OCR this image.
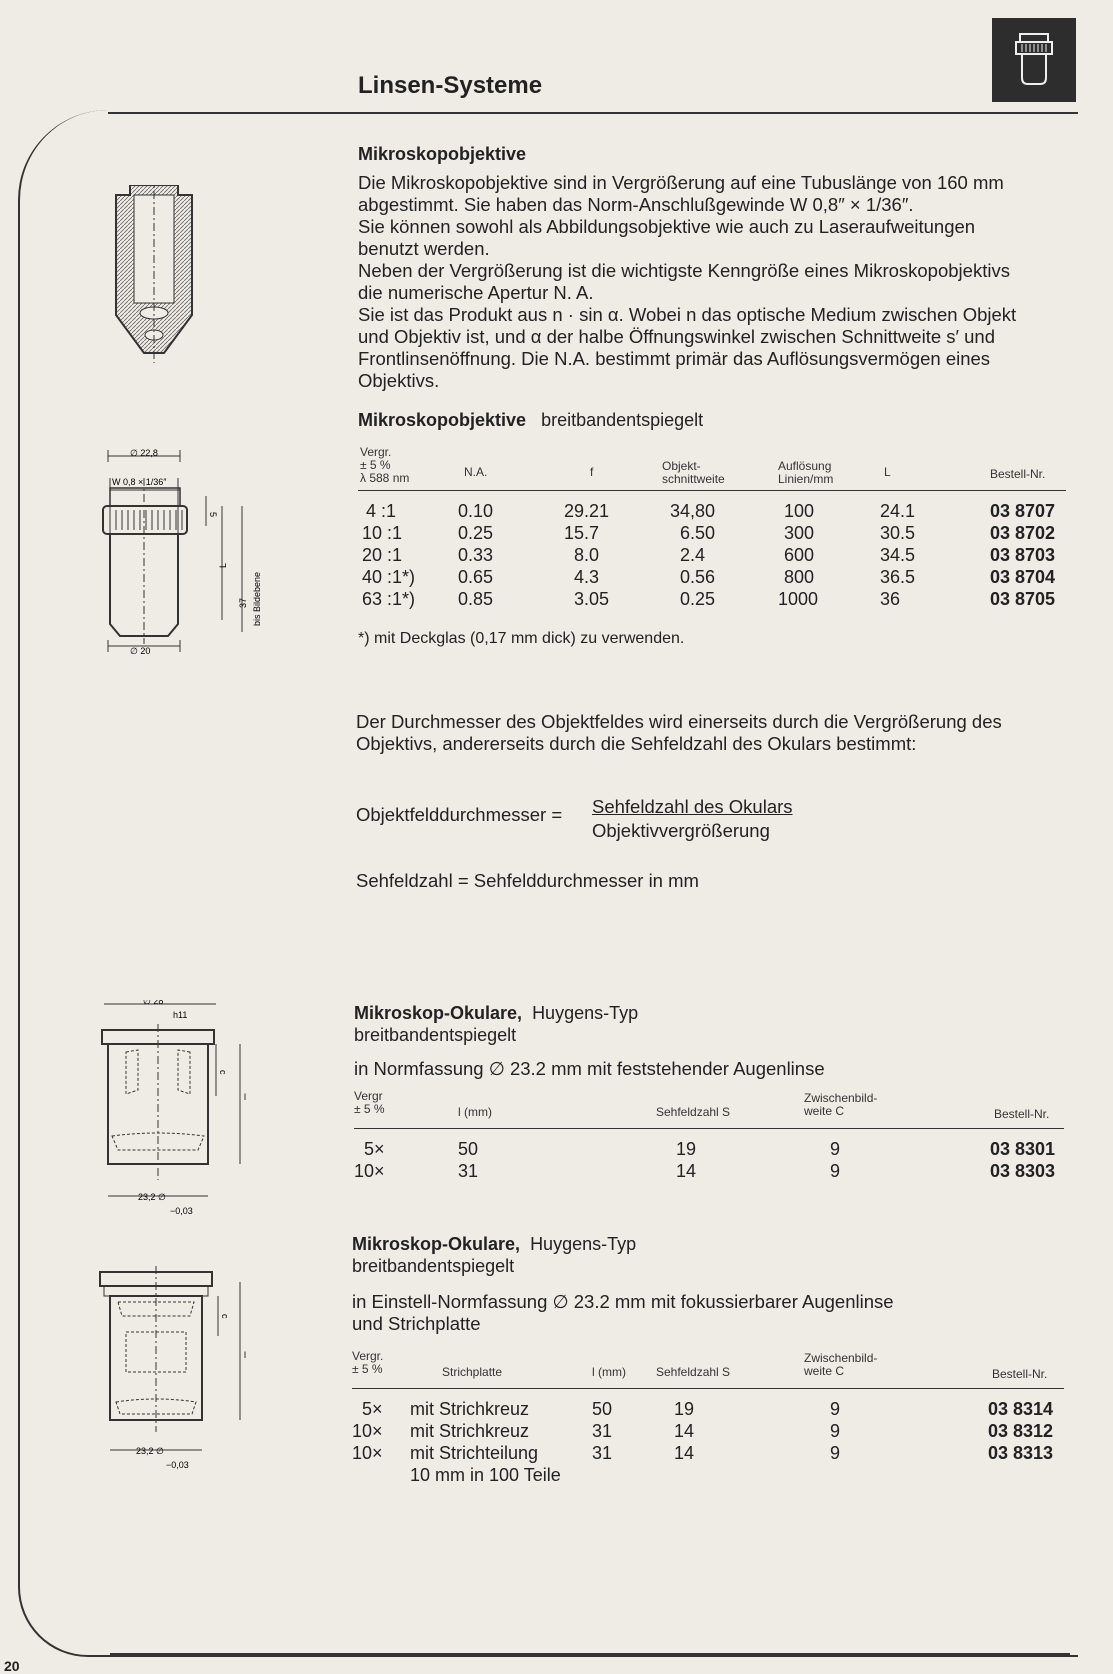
Linsen-Systeme
∅ 22,8
W 0,8 × 1/36″
∅ 20
5
L
37 bis Bildebene
∅ 28
h11
c
l
23,2 ∅
−0,03
c
l
23,2 ∅
−0,03
Mikroskopobjektive
Die Mikroskopobjektive sind in Vergrößerung auf eine Tubuslänge von 160 mm
abgestimmt. Sie haben das Norm-Anschlußgewinde W 0,8″ × 1/36″.
Sie können sowohl als Abbildungsobjektive wie auch zu Laseraufweitungen
benutzt werden.
Neben der Vergrößerung ist die wichtigste Kenngröße eines Mikroskopobjektivs
die numerische Apertur N. A.
Sie ist das Produkt aus n · sin α. Wobei n das optische Medium zwischen Objekt
und Objektiv ist, und α der halbe Öffnungswinkel zwischen Schnittweite s′ und
Frontlinsenöffnung. Die N.A. bestimmt primär das Auflösungsvermögen eines
Objektivs.
Mikroskopobjektive breitbandentspiegelt
Vergr.
± 5 %
λ 588 nm	N.A.	f	Objekt-
schnittweite
Auflösung
Linien/mm	L	Bestell-Nr.
4 :1	0.10	29.21	34,80	100	24.1	03 8707
10 :1	0.25	15.7	6.50	300	30.5	03 8702
20 :1	0.33	8.0	2.4	600	34.5	03 8703
40 :1*) 0.65	4.3	0.56	800	36.5	03 8704
63 :1*) 0.85	3.05	0.25	1000	36	03 8705
*) mit Deckglas (0,17 mm dick) zu verwenden.
Der Durchmesser des Objektfeldes wird einerseits durch die Vergrößerung des
Objektivs, andererseits durch die Sehfeldzahl des Okulars bestimmt:
Objektfelddurchmesser = Sehfeldzahl des Okulars
Objektivvergrößerung
Sehfeldzahl = Sehfelddurchmesser in mm
Mikroskop-Okulare, Huygens-Typ
breitbandentspiegelt
in Normfassung ∅ 23.2 mm mit feststehender Augenlinse
Vergr
± 5 %	l (mm)	Sehfeldzahl S
Zwischenbild-
weite C	Bestell-Nr.
5×	50	19	9	03 8301
10×	31	14	9	03 8303
Mikroskop-Okulare, Huygens-Typ
breitbandentspiegelt
in Einstell-Normfassung ∅ 23.2 mm mit fokussierbarer Augenlinse
und Strichplatte
Vergr.
± 5 %	Strichplatte	l (mm)	Sehfeldzahl S
Zwischenbild-
weite C	Bestell-Nr.
5× mit Strichkreuz	50	19	9	03 8314
10× mit Strichkreuz	31	14	9	03 8312
10× mit Strichteilung	31	14	9	03 8313
10 mm in 100 Teile
20
